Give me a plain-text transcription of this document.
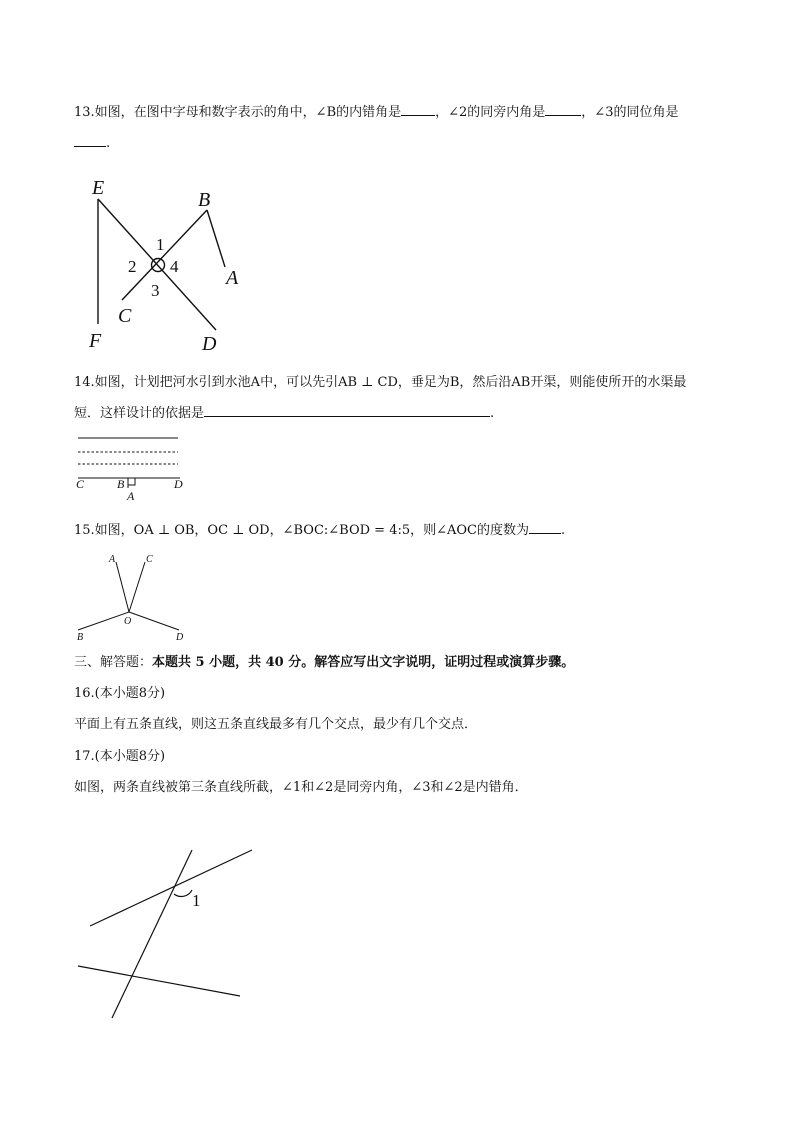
13.如图，在图中字母和数字表示的角中，∠B的内错角是	，∠2的同旁内角是	，∠3的同位角是
.
E
B
A
C
F	D
1
2 4
3
14.如图，计划把河水引到水池A中，可以先引AB ⊥ CD，垂足为B，然后沿AB开渠，则能使所开的水渠最
短．这样设计的依据是	.
C	B
A
D
15.如图，OA ⊥ OB，OC ⊥ OD，∠BOC:∠BOD = 4:5，则∠AOC的度数为 .
A	C
O
B	D
三、解答题：本题共 5 小题，共 40 分。解答应写出文字说明，证明过程或演算步骤。
16.(本小题8分)
平面上有五条直线，则这五条直线最多有几个交点，最少有几个交点．
17.(本小题8分)
如图，两条直线被第三条直线所截，∠1和∠2是同旁内角，∠3和∠2是内错角．
1
